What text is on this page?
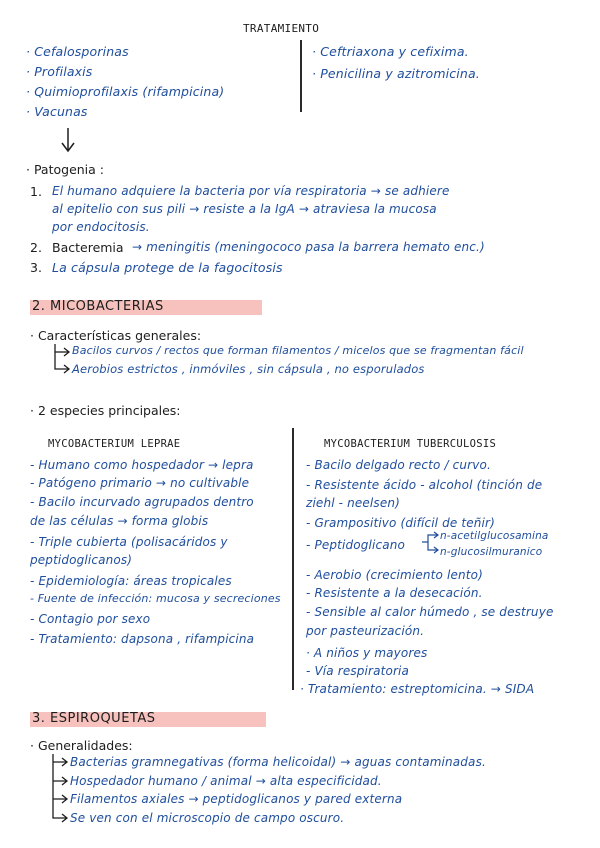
TRATAMIENTO
· Cefalosporinas
· Profilaxis
· Quimioprofilaxis (rifampicina)
· Vacunas
· Ceftriaxona y cefixima.
· Penicilina y azitromicina.
· Patogenia :
1. El humano adquiere la bacteria por vía respiratoria → se adhiere
al epitelio con sus pili → resiste a la IgA → atraviesa la mucosa
por endocitosis.
2. Bacteremia → meningitis (meningococo pasa la barrera hemato enc.)
3. La cápsula protege de la fagocitosis
2. MICOBACTERIAS
· Características generales:
Bacilos curvos / rectos que forman filamentos / micelos que se fragmentan fácil
Aerobios estrictos , inmóviles , sin cápsula , no esporulados
· 2 especies principales:
MYCOBACTERIUM LEPRAE
- Humano como hospedador → lepra
- Patógeno primario → no cultivable
- Bacilo incurvado agrupados dentro
de las células → forma globis
- Triple cubierta (polisacáridos y
peptidoglicanos)
- Epidemiología: áreas tropicales
- Fuente de infección: mucosa y secreciones
- Contagio por sexo
- Tratamiento: dapsona , rifampicina
MYCOBACTERIUM TUBERCULOSIS
- Bacilo delgado recto / curvo.
- Resistente ácido - alcohol (tinción de
ziehl - neelsen)
- Grampositivo (difícil de teñir)
- Peptidoglicano
n-acetilglucosamina
n-glucosilmuranico
- Aerobio (crecimiento lento)
- Resistente a la desecación.
- Sensible al calor húmedo , se destruye
por pasteurización.
· A niños y mayores
- Vía respiratoria
· Tratamiento: estreptomicina. → SIDA
3. ESPIROQUETAS
· Generalidades:
Bacterias gramnegativas (forma helicoidal) → aguas contaminadas.
Hospedador humano / animal → alta especificidad.
Filamentos axiales → peptidoglicanos y pared externa
Se ven con el microscopio de campo oscuro.
